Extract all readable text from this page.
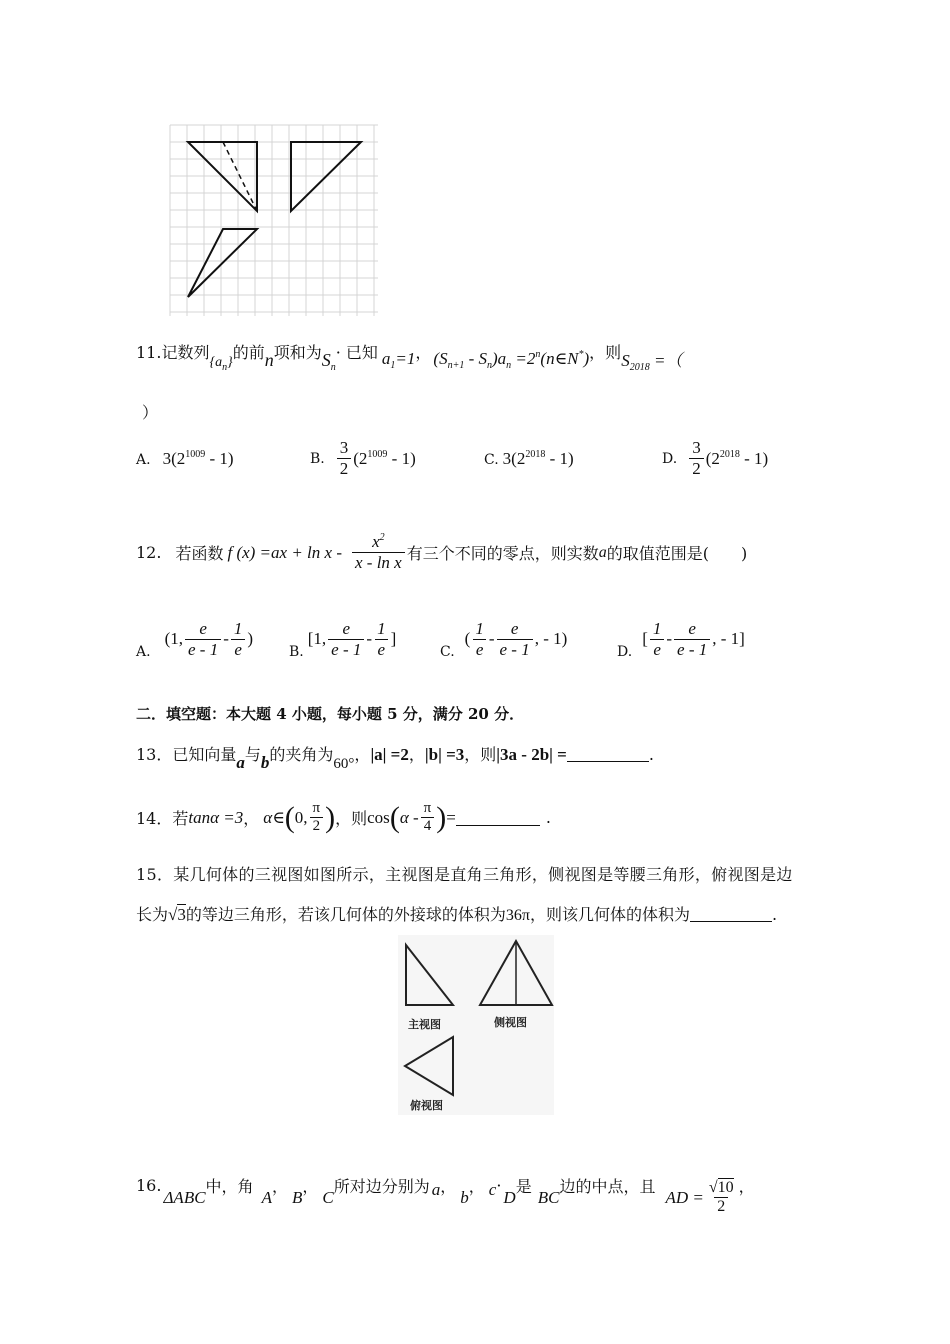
11.记数列$\{a_n\}$的前n项和为$S_n\cdot$ 已知 $a_1=1$， $(S_{n+1} - S_n)a_n$ $=2^n(n\in N^*)$，则$S_{2018}$ =（
）
A. $3(2^{1009} - 1)$	B. $\frac{3}{2} (2^{1009} - 1)$	C. $3(2^{2018} - 1)$	D. $\frac{3}{2} (2^{2018} - 1)$
12. 若函数 f $(x) =ax + \ln x - \frac{x^2}{\text{x - ln x}}$ 有三个不同的零点，则实数 a 的取值范围是(　　)
A.
(1, $\frac{e}{e - 1} - \frac{1}{e}$ )
B.
[1, $\frac{e}{e - 1} - \frac{1}{e}$ ]
C.
( $\frac{1}{e} - \frac{e}{e - 1}$ , - 1)
D.
[ $\frac{1}{e} - \frac{e}{e - 1}$ , - 1]
二．填空题：本大题 4 小题，每小题 5 分，满分 20 分．
13．已知向量a与b的夹角为60°，|a| =2，|b| =3，则|3a - 2b| =	.
14． 若 tanα =3 ， α∈ ( 0, $\frac{\pi}{2}$ ) ，则 cos ( α - $\frac{\pi}{4}$ ) =	.
15．某几何体的三视图如图所示，主视图是直角三角形，侧视图是等腰三角形，俯视图是边
长为√3的等边三角形，若该几何体的外接球的体积为36π，则该几何体的体积为	.
主视图	侧视图
俯视图
16.
ΔABC
中，角
A
，
B
，
C
所对边分别为 a ，
b
， c ·
D
是
BC
边的中点，且
AD = $\frac{√10}{2}$ ，
